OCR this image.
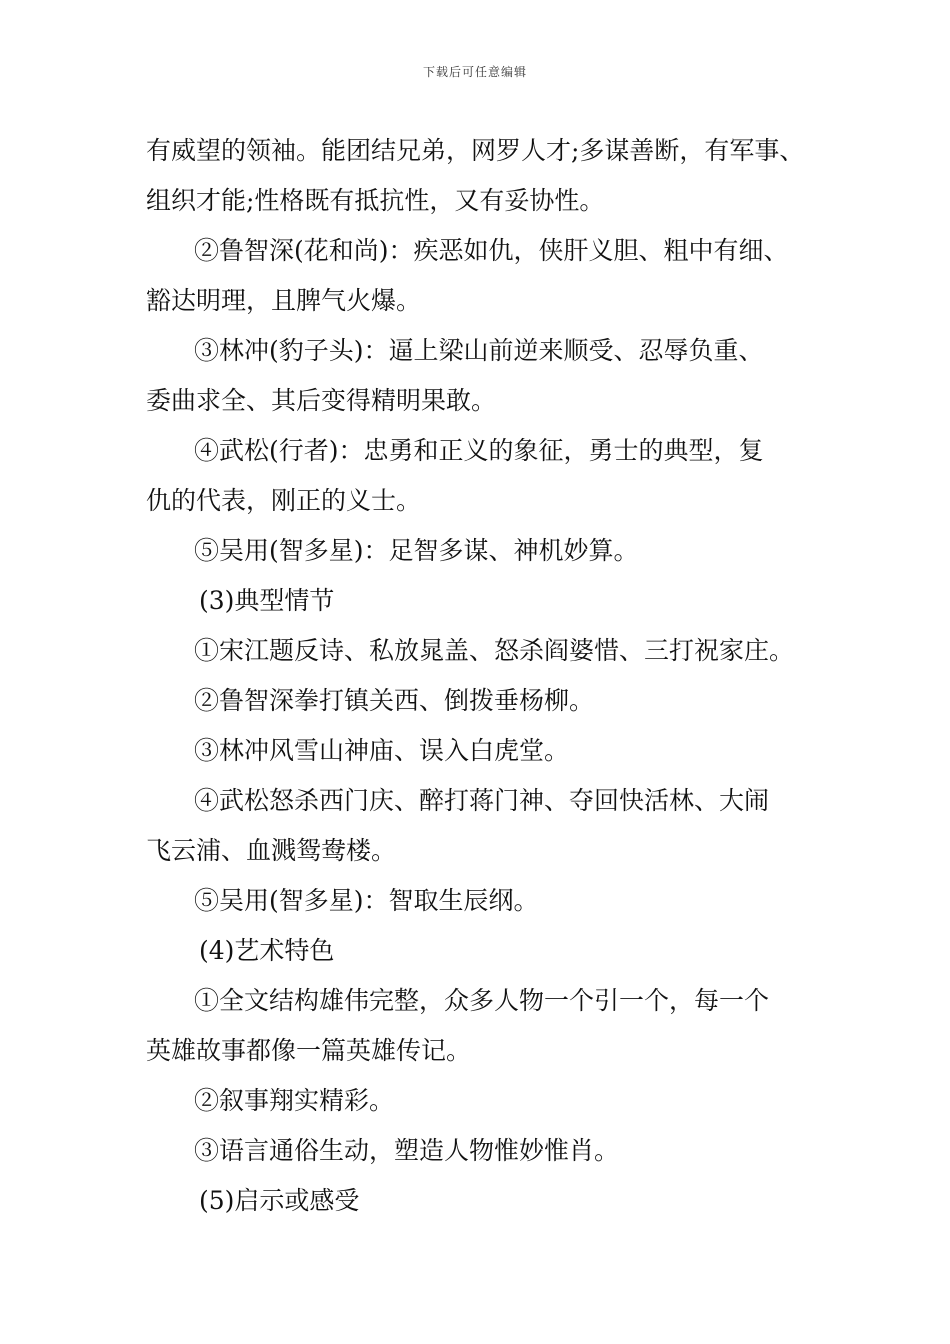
下载后可任意编辑
有威望的领袖。能团结兄弟，网罗人才;多谋善断，有军事、
组织才能;性格既有抵抗性，又有妥协性。
②鲁智深(花和尚)：疾恶如仇，侠肝义胆、粗中有细、
豁达明理，且脾气火爆。
③林冲(豹子头)：逼上梁山前逆来顺受、忍辱负重、
委曲求全、其后变得精明果敢。
④武松(行者)：忠勇和正义的象征，勇士的典型，复
仇的代表，刚正的义士。
⑤吴用(智多星)：足智多谋、神机妙算。
(3)典型情节
①宋江题反诗、私放晁盖、怒杀阎婆惜、三打祝家庄。
②鲁智深拳打镇关西、倒拨垂杨柳。
③林冲风雪山神庙、误入白虎堂。
④武松怒杀西门庆、醉打蒋门神、夺回快活林、大闹
飞云浦、血溅鸳鸯楼。
⑤吴用(智多星)：智取生辰纲。
(4)艺术特色
①全文结构雄伟完整，众多人物一个引一个，每一个
英雄故事都像一篇英雄传记。
②叙事翔实精彩。
③语言通俗生动，塑造人物惟妙惟肖。
(5)启示或感受
